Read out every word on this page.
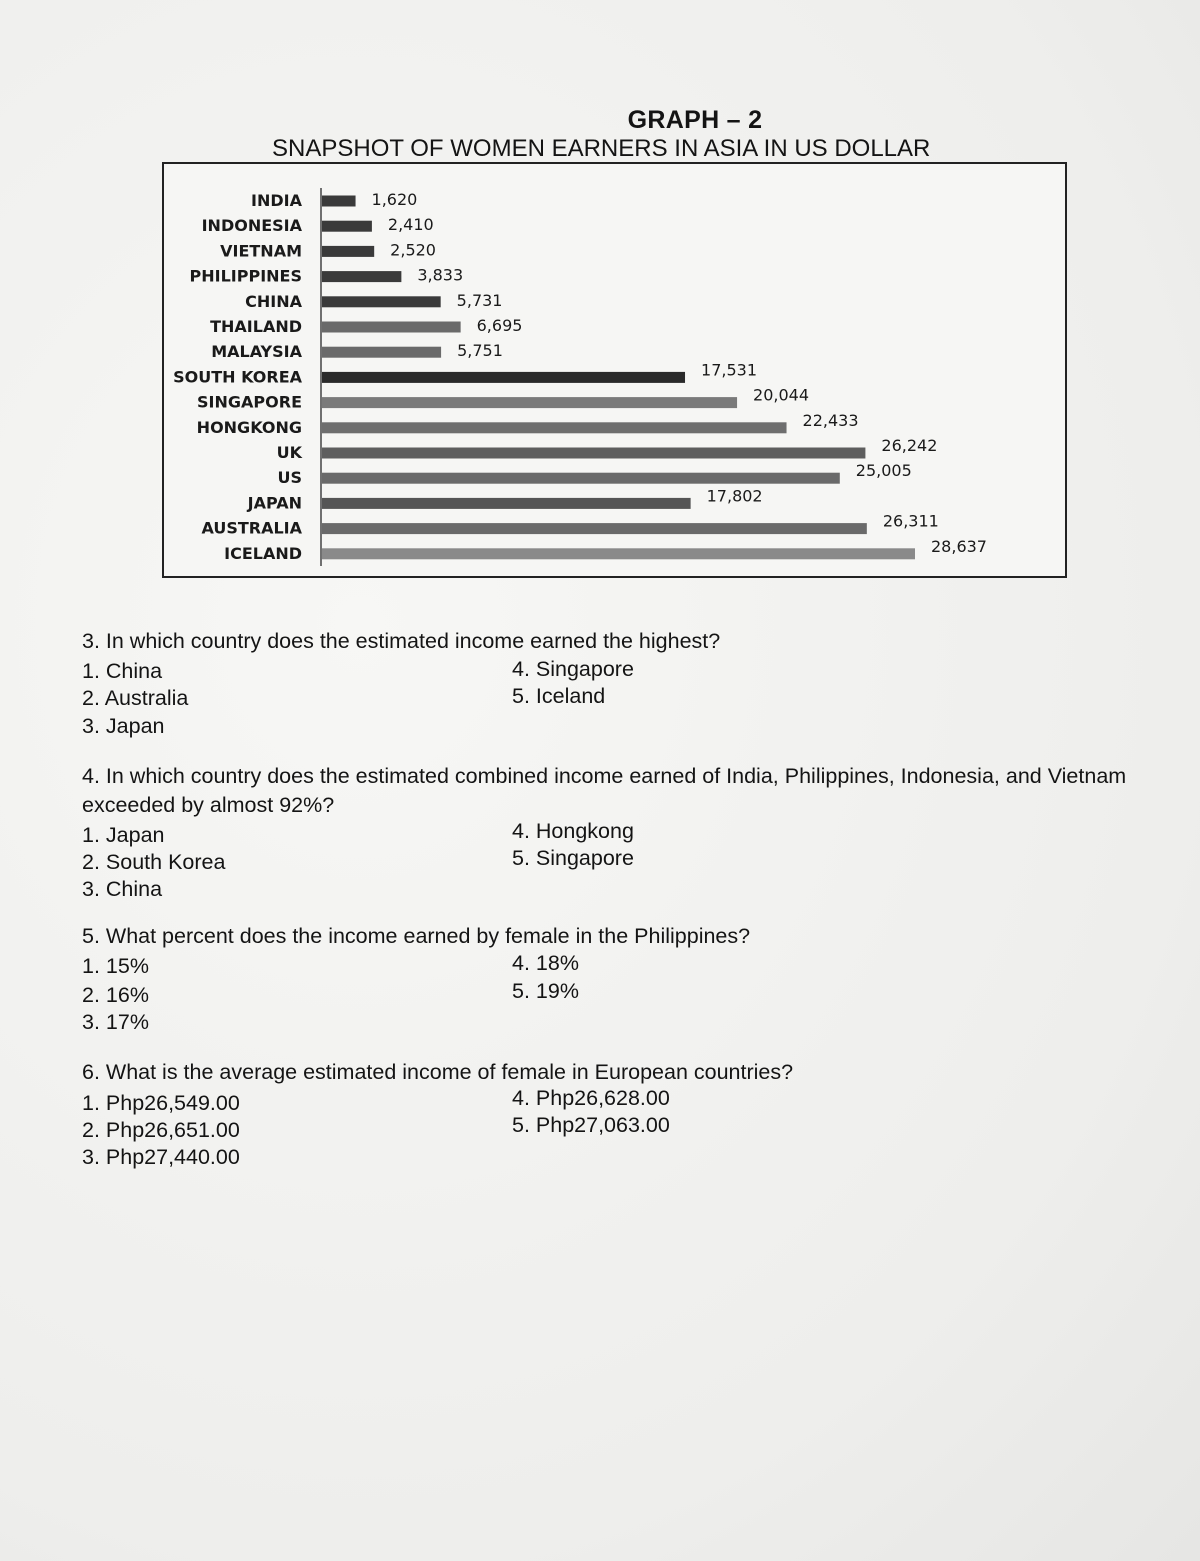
GRAPH – 2
SNAPSHOT OF WOMEN EARNERS IN ASIA IN US DOLLAR
INDIA	1,620
INDONESIA	2,410
VIETNAM	2,520
PHILIPPINES	3,833
CHINA	5,731
THAILAND	6,695
MALAYSIA	5,751
SOUTH KOREA	17,531
SINGAPORE	20,044
HONGKONG	22,433
UK	26,242
US	25,005
JAPAN	17,802
AUSTRALIA	26,311
ICELAND	28,637
3. In which country does the estimated income earned the highest?
1. China
2. Australia
3. Japan
4. Singapore
5. Iceland
4. In which country does the estimated combined income earned of India, Philippines, Indonesia, and Vietnam exceeded by almost 92%?
1. Japan
2. South Korea
3. China
4. Hongkong
5. Singapore
5. What percent does the income earned by female in the Philippines?
1. 15%
2. 16%
3. 17%
4. 18%
5. 19%
6. What is the average estimated income of female in European countries?
1. Php26,549.00
2. Php26,651.00
3. Php27,440.00
4. Php26,628.00
5. Php27,063.00
